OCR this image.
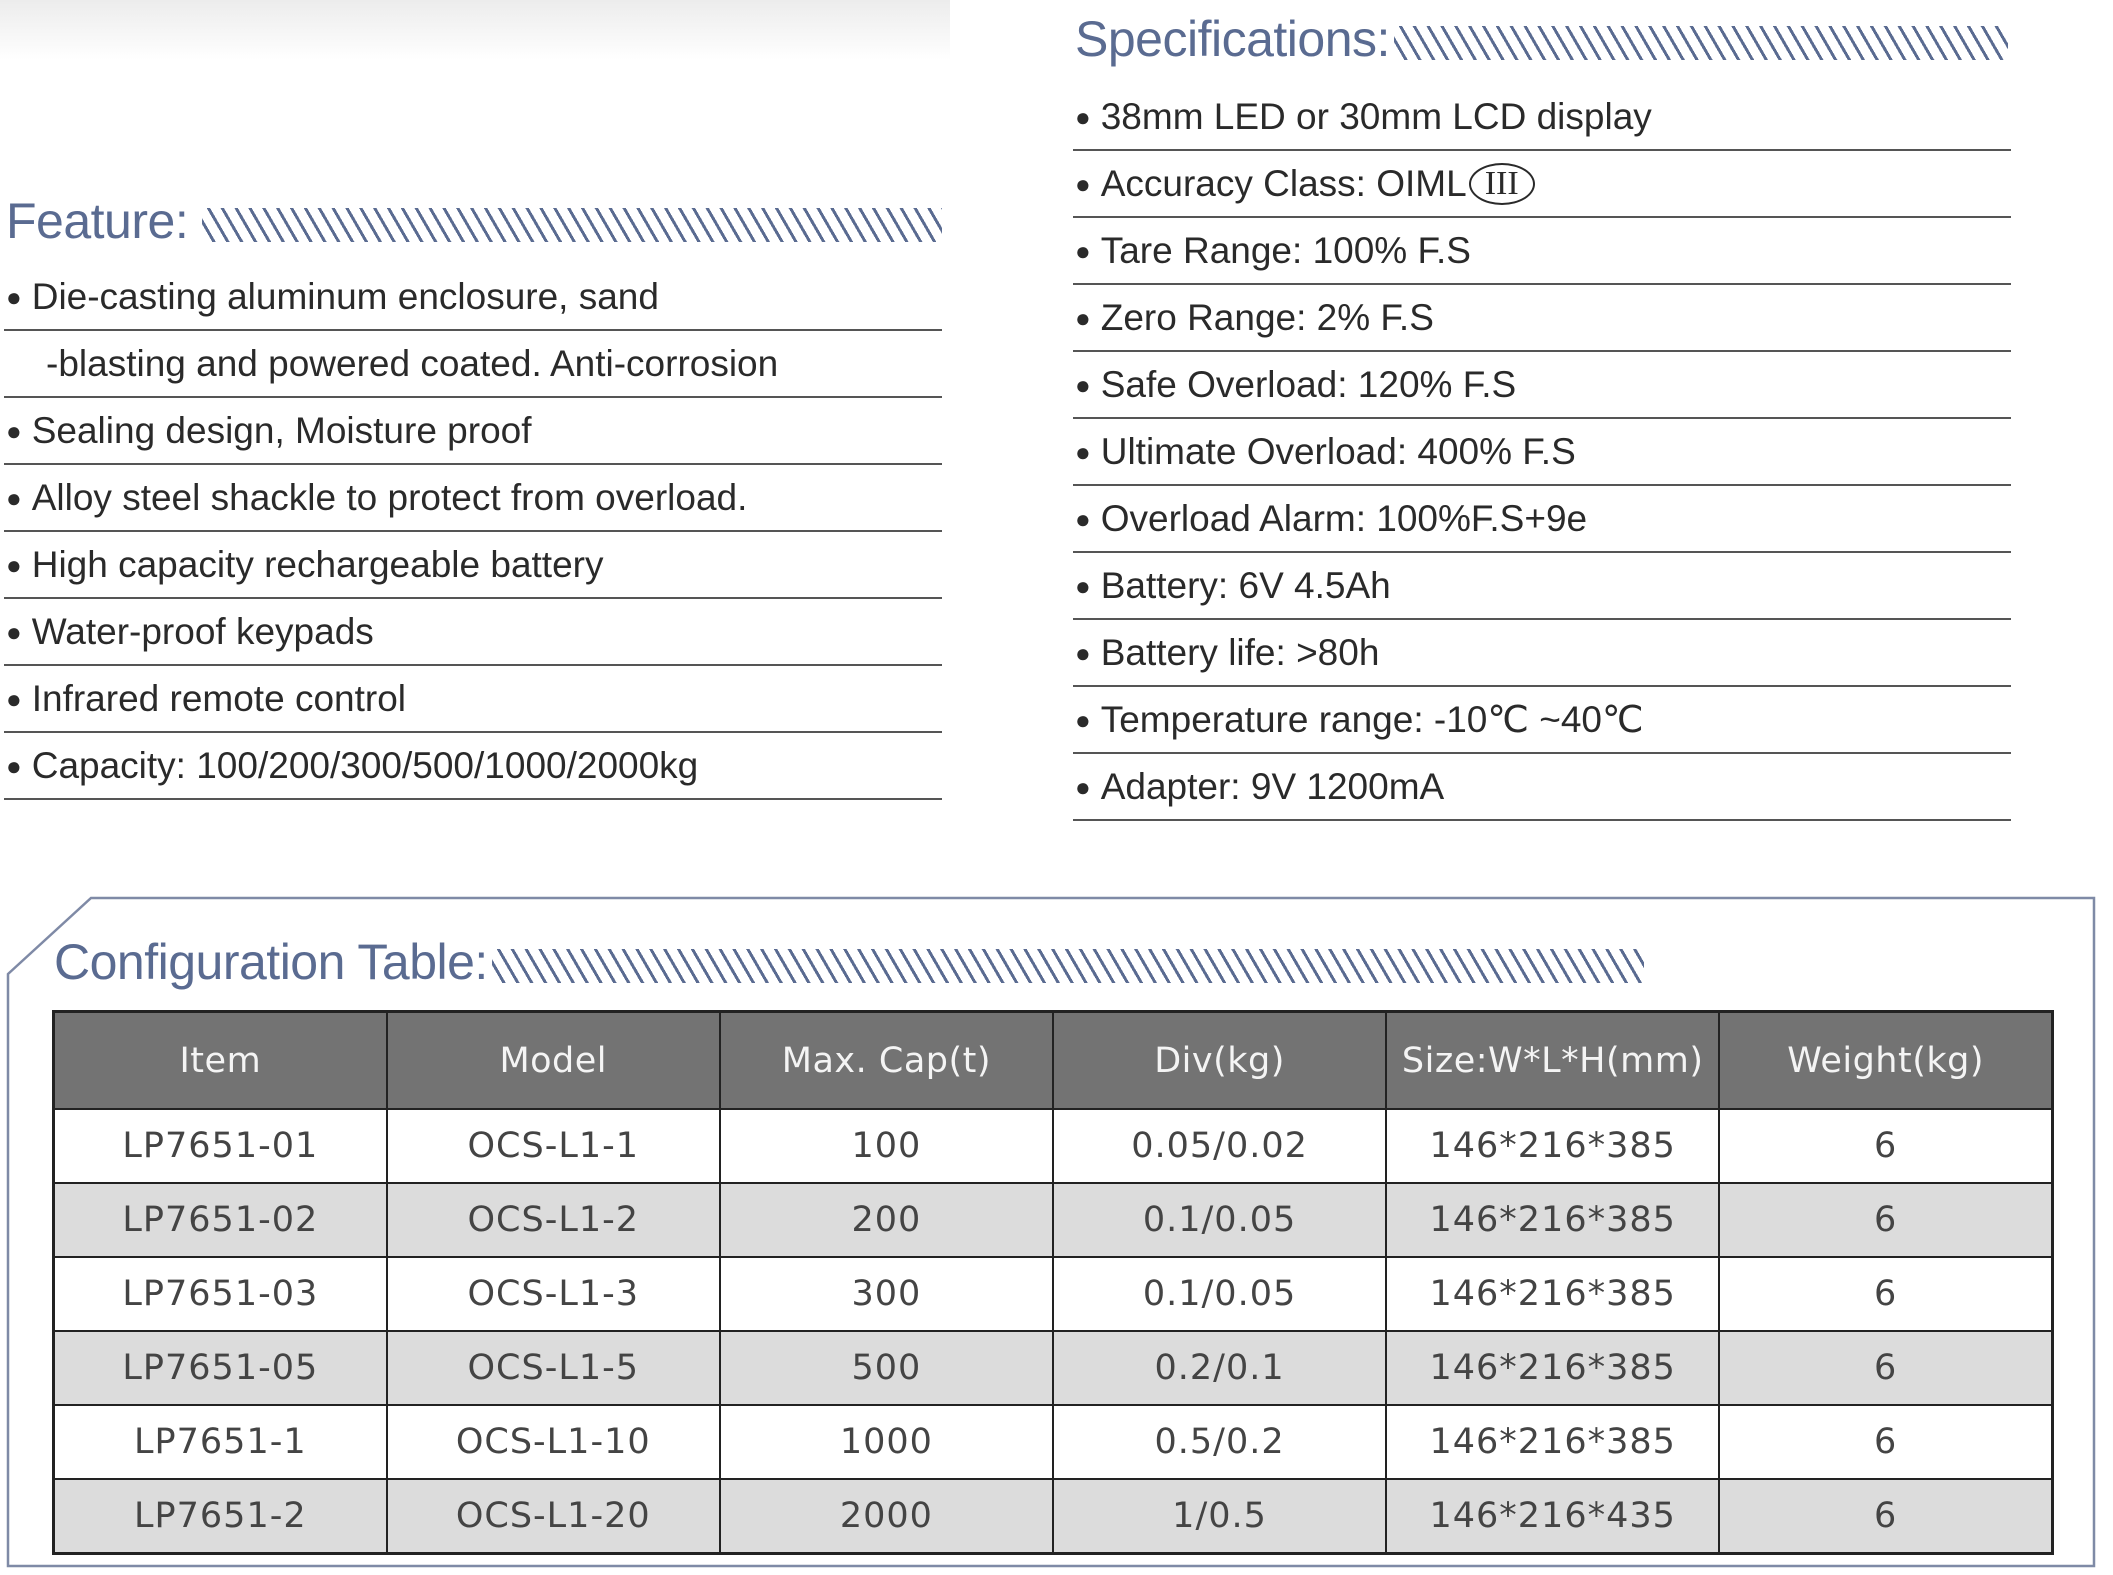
Feature:
● Die-casting aluminum enclosure, sand
-blasting and powered coated. Anti-corrosion
● Sealing design, Moisture proof
● Alloy steel shackle to protect from overload.
● High capacity rechargeable battery
● Water-proof keypads
● Infrared remote control
● Capacity: 100/200/300/500/1000/2000kg
Specifications:
● 38mm LED or 30mm LCD display
● Accuracy Class: OIML III
● Tare Range: 100% F.S
● Zero Range: 2% F.S
● Safe Overload: 120% F.S
● Ultimate Overload: 400% F.S
● Overload Alarm: 100%F.S+9e
● Battery: 6V 4.5Ah
● Battery life: >80h
● Temperature range: -10℃ ~40℃
● Adapter: 9V 1200mA
Configuration Table:
Item	Model	Max. Cap(t)	Div(kg)	Size:W*L*H(mm)	Weight(kg)
LP7651-01	OCS-L1-1	100	0.05/0.02	146*216*385	6
LP7651-02	OCS-L1-2	200	0.1/0.05	146*216*385	6
LP7651-03	OCS-L1-3	300	0.1/0.05	146*216*385	6
LP7651-05	OCS-L1-5	500	0.2/0.1	146*216*385	6
LP7651-1	OCS-L1-10	1000	0.5/0.2	146*216*385	6
LP7651-2	OCS-L1-20	2000	1/0.5	146*216*435	6
